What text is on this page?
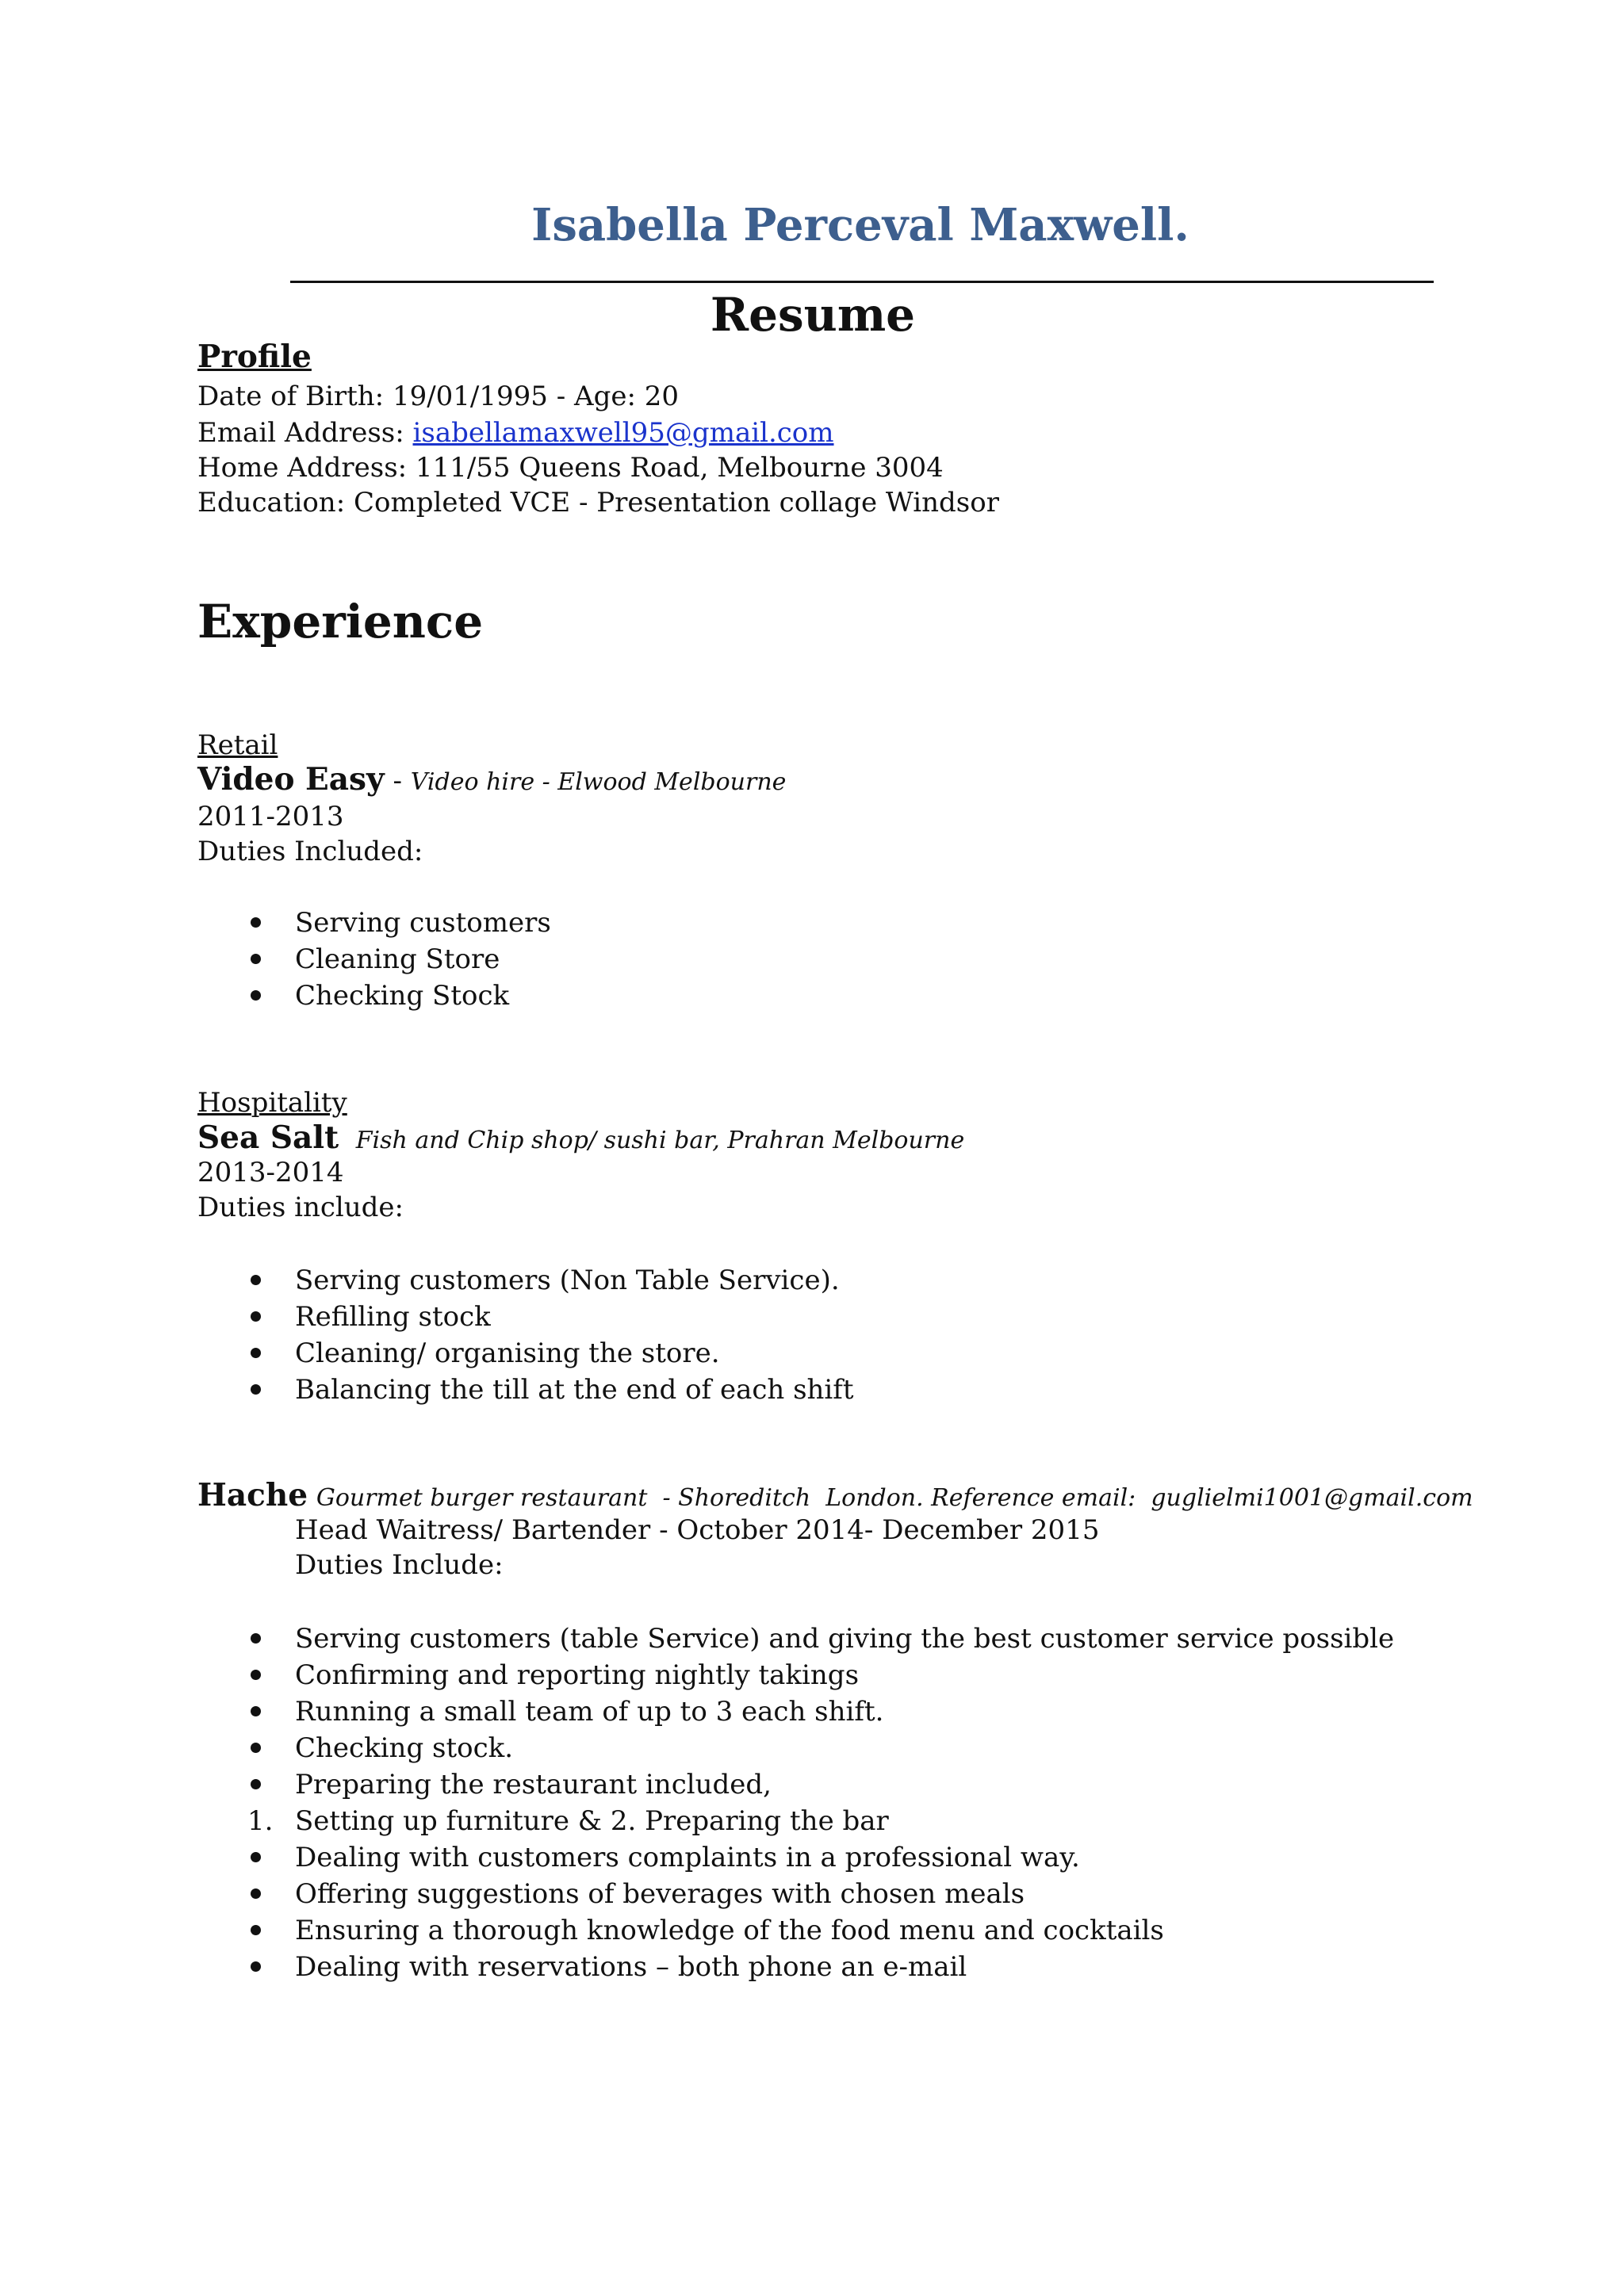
Isabella Perceval Maxwell.
Resume
Profile
Date of Birth: 19/01/1995 - Age: 20
Email Address: isabellamaxwell95@gmail.com
Home Address: 111/55 Queens Road, Melbourne 3004
Education: Completed VCE - Presentation collage Windsor
Experience
Retail
Video Easy - Video hire - Elwood Melbourne
2011-2013
Duties Included:
Serving customers
Cleaning Store
Checking Stock
Hospitality
Sea Salt Fish and Chip shop/ sushi bar, Prahran Melbourne
2013-2014
Duties include:
Serving customers (Non Table Service).
Refilling stock
Cleaning/ organising the store.
Balancing the till at the end of each shift
Hache Gourmet burger restaurant  - Shoreditch  London. Reference email:  guglielmi1001@gmail.com
Head Waitress/ Bartender - October 2014- December 2015
Duties Include:
Serving customers (table Service) and giving the best customer service possible
Confirming and reporting nightly takings
Running a small team of up to 3 each shift.
Checking stock.
Preparing the restaurant included,
1. Setting up furniture & 2. Preparing the bar
Dealing with customers complaints in a professional way.
Offering suggestions of beverages with chosen meals
Ensuring a thorough knowledge of the food menu and cocktails
Dealing with reservations – both phone an e-mail
